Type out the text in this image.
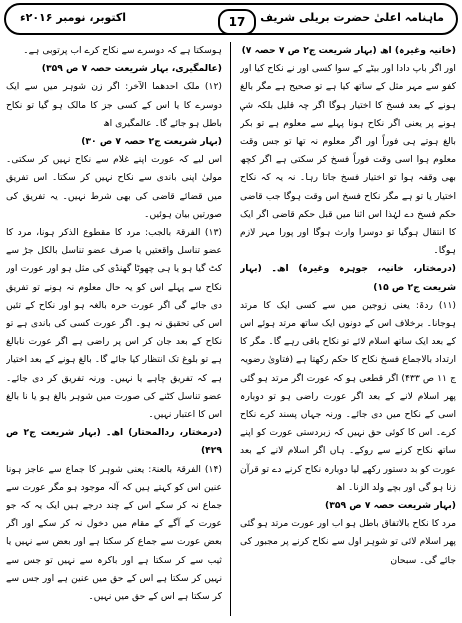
ماہنامہ اعلیٰ حضرت بریلی شریف
17
اکتوبر، نومبر ۲۰۱۶ء

(خانیہ وغیرہ) اھ (بہار شریعت ج۲ ص ۷ حصہ ۷)

اور اگر باپ دادا اور بیٹے کے سوا کسی اور نے نکاح کیا اور کفو سے مہر مثل کے ساتھ کیا ہے تو صحیح ہے مگر بالغ ہونے کے بعد فسخ کا اختیار ہوگا اگر چہ قلیل بلکہ شیٖ ہونے پر یعنی اگر نکاح ہونا پہلے سے معلوم ہے تو بکر بالغ ہوتے ہی فوراً اور اگر معلوم نہ تھا تو جس وقت معلوم ہوا اسی وقت فوراً فسخ کر سکتی ہے اگر کچھ بھی وقفہ ہوا تو اختیار فسخ جاتا رہا۔ نہ یہ کہ نکاح اختیار یا تو ہے مگر نکاح فسخ اس وقت ہوگا جب قاضی حکم فسخ دے لہٰذا اس اثنا میں قبل حکم قاضی اگر ایک کا انتقال ہوگیا تو دوسرا وارث ہوگا اور پورا مہر لازم ہوگا۔

(درمختار، خانیہ، جوہرہ وغیرہ) اھ۔ (بہار شریعت ج۲ ص ۱۵)

(۱۱) ردۃ: یعنی زوجین میں سے کسی ایک کا مرتد ہوجانا۔ برخلاف اس کے دونوں ایک ساتھ مرتد ہوئے اس کے بعد ایک ساتھ اسلام لائے تو نکاح باقی رہے گا۔ مگر کا ارتداد بالاجماع فسخ نکاح کا حکم رکھتا ہے (فتاویٰ رضویہ ج ۱۱ ص ۴۳۳) اگر قطعی ہو کہ عورت اگر مرتد ہو گئی پھر اسلام لانے کے بعد اگر عورت راضی ہو تو دوبارہ اسی کے نکاح میں دی جائے۔ ورنہ جہاں پسند کرے نکاح کرے۔ اس کا کوئی حق نہیں کہ زبردستی عورت کو اپنے ساتھ نکاح کرنے سے روکے۔ ہاں اگر اسلام لانے کے بعد عورت کو بد دستور رکھے لیا دوبارہ نکاح کرنے دے تو قرآن زنا ہو گی اور بچے ولد الزنا۔ اھ

(بہار شریعت حصہ ۷ ص ۳۵۹)

مرد کا نکاح بالاتفاق باطل ہو اب اور عورت مرتد ہو گئی پھر اسلام لائی تو شوہر اول سے نکاح کرنے پر مجبور کی جائے گی۔ سبحان

ہوسکتا ہے کہ دوسرے سے نکاح کرے اب پرتوبی ہے۔

(عالمگیری، بہار شریعت حصہ ۷ ص ۳۵۹)

(۱۲) ملک احدھما الآخر: اگر زن شوہر میں سے ایک دوسرے کا یا اس کے کسی جز کا مالک ہو گیا تو نکاح باطل ہو جائے گا۔ عالمگیری اھ

(بہار شریعت ج۲ حصہ ۷ ص ۳۰)

اس لیے کہ عورت اپنے غلام سے نکاح نہیں کر سکتی۔ مولیٰ اپنی باندی سے نکاح نہیں کر سکتا۔ اس تفریق میں قضائے قاضی کی بھی شرط نہیں۔ یہ تفریق کی صورتیں بیان ہوئیں۔

(۱۳) الفرقۃ بالجب: مرد کا مقطوع الذکر ہونا، مرد کا عضو تناسل واقعتیں یا صرف عضو تناسل بالکل جڑ سے کٹ گیا ہو یا ہی چھوٹا گھنڈی کی مثل ہو اور عورت اور نکاح سے پہلے اس کو یہ حال معلوم نہ ہونے تو تفریق دی جائے گی اگر عورت حرہ بالغہ ہو اور نکاح کے تئیں اس کی تحقیق نہ ہو۔ اگر عورت کسی کی باندی ہے تو نکاح کے بعد جان کر اس پر راضی ہے اگر عورت نابالغ ہے تو بلوغ تک انتظار کیا جائے گا۔ بالغ ہونے کے بعد اختیار ہے کہ تفریق چاہے یا نہیں۔ ورنہ تفریق کر دی جائے۔ عضو تناسل کٹنے کی صورت میں شوہر بالغ ہو یا نا بالغ اس کا اعتبار نہیں۔

(درمختار، ردالمحتار) اھ۔ (بہار شریعت ج۲ ص ۴۲۹)

(۱۴) الفرقۃ بالعنۃ: یعنی شوہر کا جماع سے عاجز ہونا عنین اس کو کہتے ہیں کہ آلہ موجود ہو مگر عورت سے جماع نہ کر سکے اس کے چند درجے ہیں ایک یہ کہ جو عورت کے آگے کے مقام میں دخول نہ کر سکے اور اگر بعض عورت سے جماع کر سکتا ہے اور بعض سے نہیں یا ثیب سے کر سکتا ہے اور باکرہ سے نہیں تو جس سے نہیں کر سکتا ہے اس کے حق میں عنین ہے اور جس سے کر سکتا ہے اس کے حق میں نہیں۔
